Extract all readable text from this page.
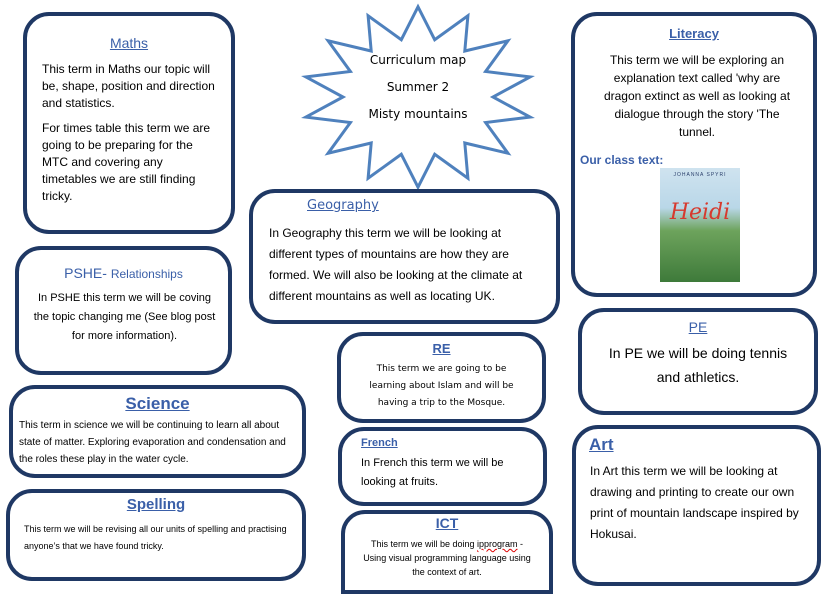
Maths

This term in Maths our topic will be, shape, position and direction and statistics.

For times table this term we are going to be preparing for the MTC and covering any timetables we are still finding tricky.

Curriculum map
Summer 2
Misty mountains
Literacy

This term we will be exploring an explanation text called 'why are dragon extinct as well as looking at dialogue through the story 'The tunnel.

Our class text:
JOHANNA SPYRI
Heidi
Geography

In Geography this term we will be looking at different types of mountains are how they are formed. We will also be looking at the climate at different mountains as well as locating UK.

PSHE- Relationships

In PSHE this term we will be coving the topic changing me (See blog post for more information).

PE

In PE we will be doing tennis and athletics.

RE

This term we are going to be learning about Islam and will be having a trip to the Mosque.

Science

This term in science we will be continuing to learn all about state of matter. Exploring evaporation and condensation and the roles these play in the water cycle.

French

In French this term we will be looking at fruits.

Art

In Art this term we will be looking at drawing and printing to create our own print of mountain landscape inspired by Hokusai.

Spelling

This term we will be revising all our units of spelling and practising anyone’s that we have found tricky.

ICT

This term we will be doing ipprogram - Using visual programming language using the context of art.
